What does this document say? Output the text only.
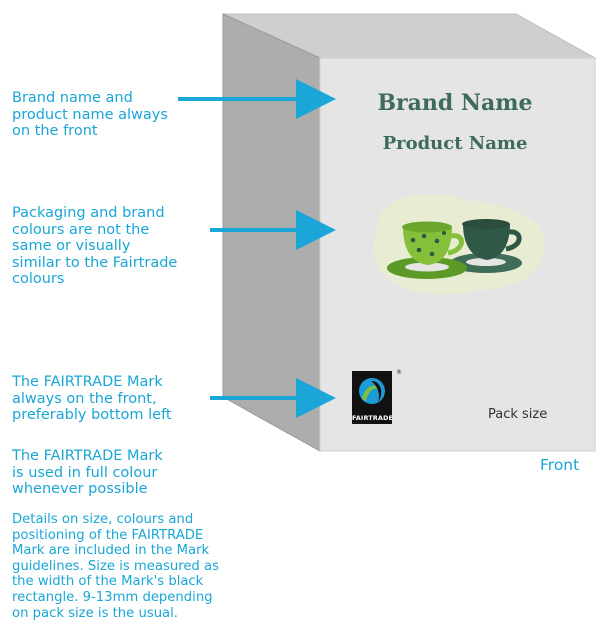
Brand name and
product name always
on the front

Packaging and brand
colours are not the
same or visually
similar to the Fairtrade
colours

The FAIRTRADE Mark
always on the front,
preferably bottom left

The FAIRTRADE Mark
is used in full colour
whenever possible

Details on size, colours and
positioning of the FAIRTRADE
Mark are included in the Mark
guidelines. Size is measured as
the width of the Mark's black
rectangle. 9-13mm depending
on pack size is the usual.

Brand Name

Product Name

Pack size

FAIRTRADE
®

Front
